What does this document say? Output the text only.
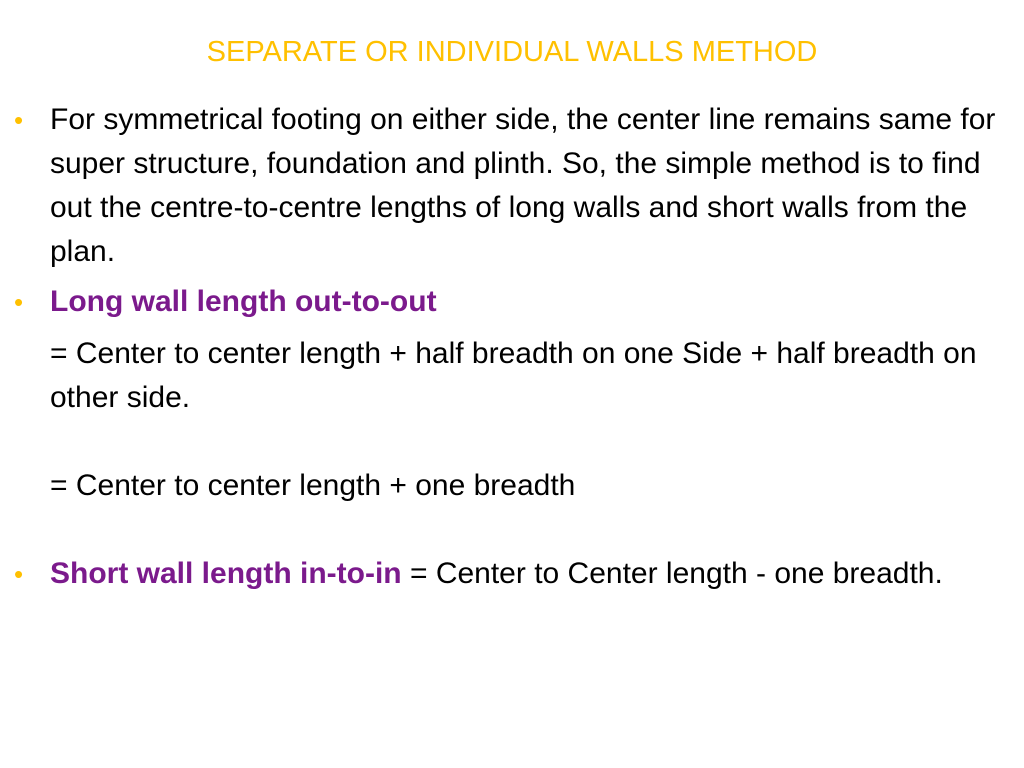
SEPARATE OR INDIVIDUAL WALLS METHOD
• For symmetrical footing on either side, the center line remains same for super structure, foundation and plinth. So, the simple method is to find out the centre-to-centre lengths of long walls and short walls from the plan.
• Long wall length out-to-out
= Center to center length + half breadth on one Side + half breadth on other side.
= Center to center length + one breadth
• Short wall length in-to-in = Center to Center length - one breadth.
